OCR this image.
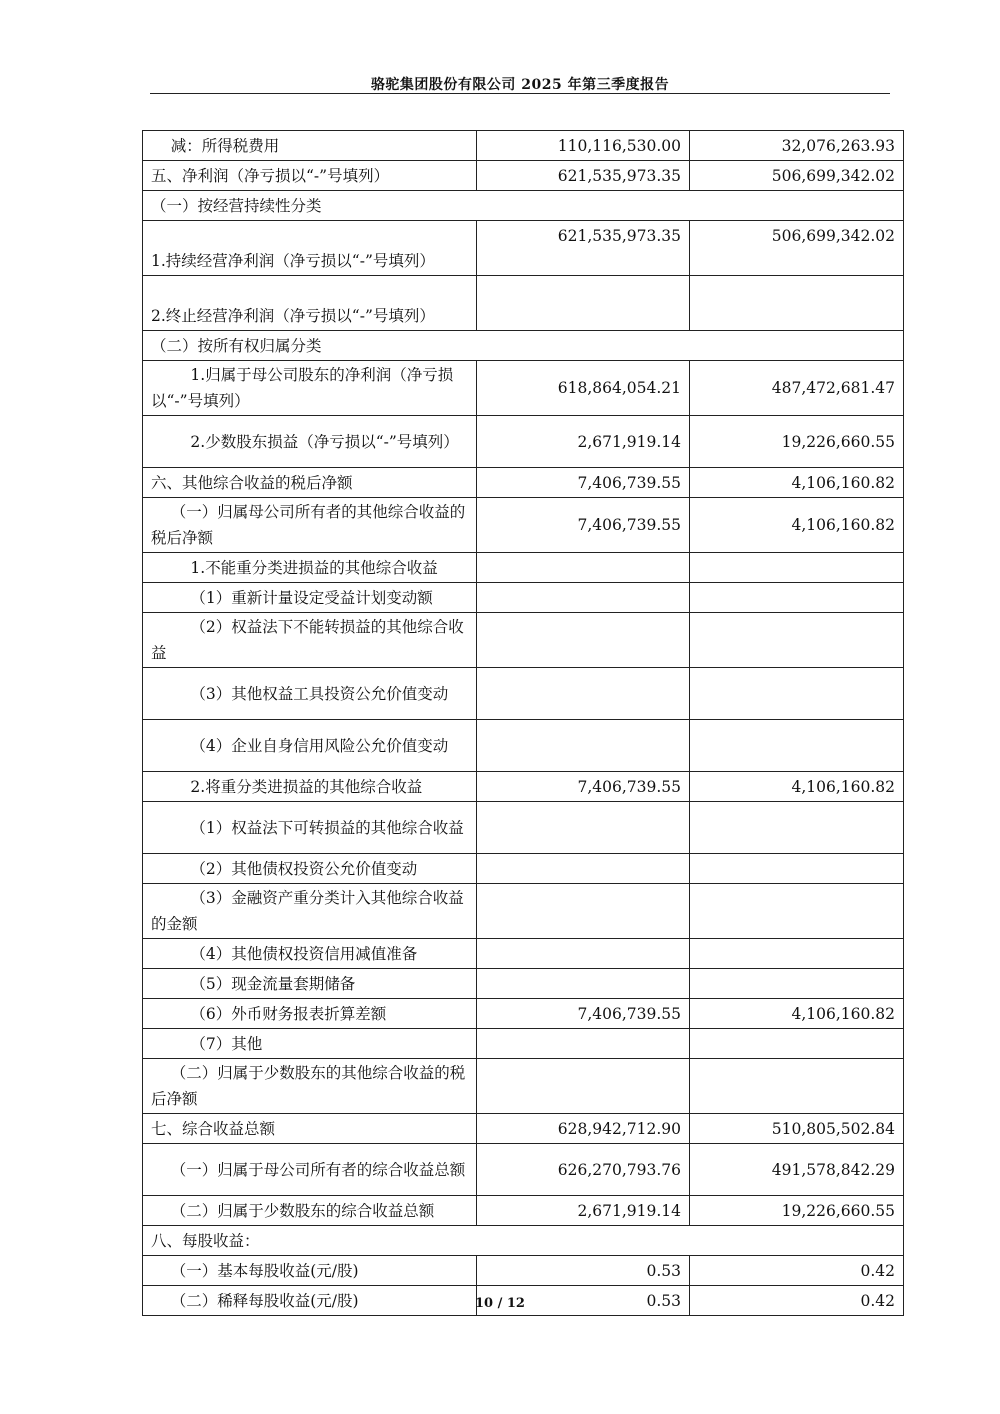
骆驼集团股份有限公司 2025 年第三季度报告
减：所得税费用	110,116,530.00	32,076,263.93
五、净利润（净亏损以“-”号填列）	621,535,973.35	506,699,342.02
（一）按经营持续性分类		
1.持续经营净利润（净亏损以“-”号填列）	621,535,973.35	506,699,342.02
2.终止经营净利润（净亏损以“-”号填列）		
（二）按所有权归属分类		
1.归属于母公司股东的净利润（净亏损以“-”号填列）	618,864,054.21	487,472,681.47
2.少数股东损益（净亏损以“-”号填列）	2,671,919.14	19,226,660.55
六、其他综合收益的税后净额	7,406,739.55	4,106,160.82
（一）归属母公司所有者的其他综合收益的税后净额	7,406,739.55	4,106,160.82
1.不能重分类进损益的其他综合收益		
（1）重新计量设定受益计划变动额		
（2）权益法下不能转损益的其他综合收益		
（3）其他权益工具投资公允价值变动		
（4）企业自身信用风险公允价值变动		
2.将重分类进损益的其他综合收益	7,406,739.55	4,106,160.82
（1）权益法下可转损益的其他综合收益		
（2）其他债权投资公允价值变动		
（3）金融资产重分类计入其他综合收益的金额		
（4）其他债权投资信用减值准备		
（5）现金流量套期储备		
（6）外币财务报表折算差额	7,406,739.55	4,106,160.82
（7）其他		
（二）归属于少数股东的其他综合收益的税后净额		
七、综合收益总额	628,942,712.90	510,805,502.84
（一）归属于母公司所有者的综合收益总额	626,270,793.76	491,578,842.29
（二）归属于少数股东的综合收益总额	2,671,919.14	19,226,660.55
八、每股收益：		
（一）基本每股收益(元/股)	0.53	0.42
（二）稀释每股收益(元/股)	0.53	0.42
10 / 12
